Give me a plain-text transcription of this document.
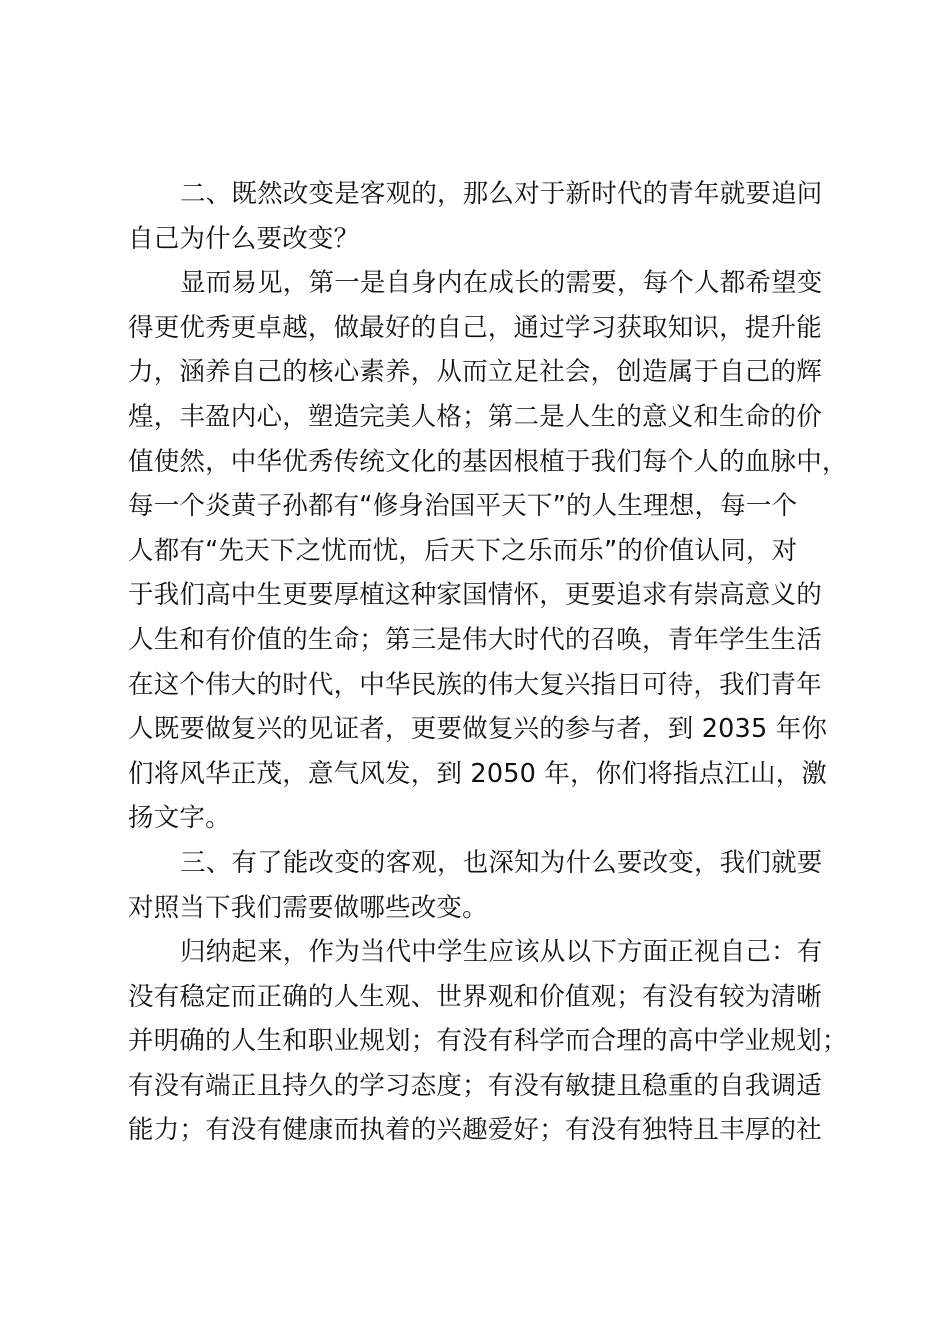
二、既然改变是客观的，那么对于新时代的青年就要追问
自己为什么要改变？
显而易见，第一是自身内在成长的需要，每个人都希望变
得更优秀更卓越，做最好的自己，通过学习获取知识，提升能
力，涵养自己的核心素养，从而立足社会，创造属于自己的辉
煌，丰盈内心，塑造完美人格；第二是人生的意义和生命的价
值使然，中华优秀传统文化的基因根植于我们每个人的血脉中，
每一个炎黄子孙都有“修身治国平天下”的人生理想，每一个
人都有“先天下之忧而忧，后天下之乐而乐”的价值认同，对
于我们高中生更要厚植这种家国情怀，更要追求有崇高意义的
人生和有价值的生命；第三是伟大时代的召唤，青年学生生活
在这个伟大的时代，中华民族的伟大复兴指日可待，我们青年
人既要做复兴的见证者，更要做复兴的参与者，到 2035 年你
们将风华正茂，意气风发，到 2050 年，你们将指点江山，激
扬文字。
三、有了能改变的客观，也深知为什么要改变，我们就要
对照当下我们需要做哪些改变。
归纳起来，作为当代中学生应该从以下方面正视自己：有
没有稳定而正确的人生观、世界观和价值观；有没有较为清晰
并明确的人生和职业规划；有没有科学而合理的高中学业规划；
有没有端正且持久的学习态度；有没有敏捷且稳重的自我调适
能力；有没有健康而执着的兴趣爱好；有没有独特且丰厚的社
